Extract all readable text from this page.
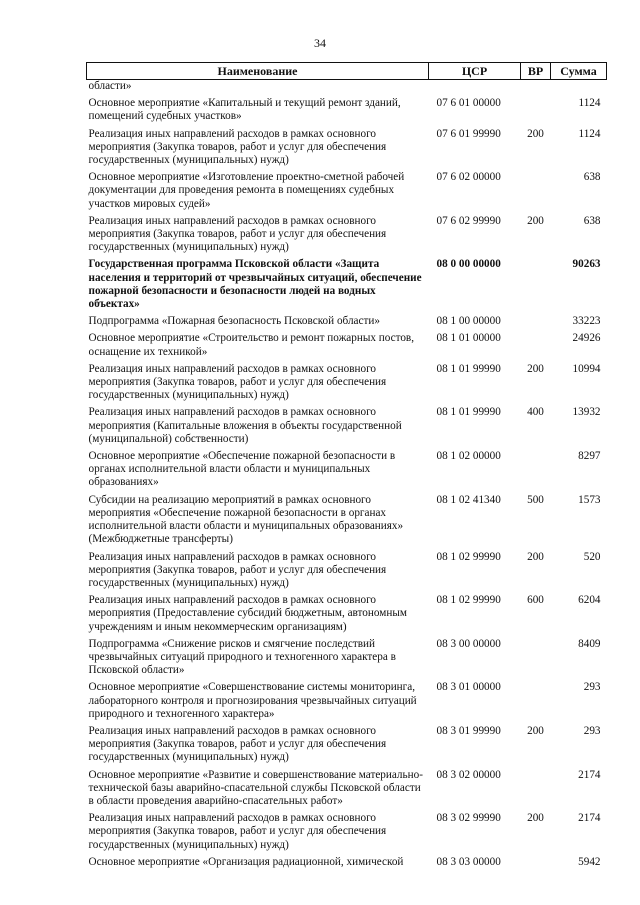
34
Наименование	ЦСР	ВР	Сумма
области»			
Основное мероприятие «Капитальный и текущий ремонт зданий, помещений судебных участков»	07 6 01 00000		1124
Реализация иных направлений расходов в рамках основного мероприятия (Закупка товаров, работ и услуг для обеспечения государственных (муниципальных) нужд)	07 6 01 99990	200	1124
Основное мероприятие «Изготовление проектно-сметной рабочей документации для проведения ремонта в помещениях судебных участков мировых судей»	07 6 02 00000		638
Реализация иных направлений расходов в рамках основного мероприятия (Закупка товаров, работ и услуг для обеспечения государственных (муниципальных) нужд)	07 6 02 99990	200	638
Государственная программа Псковской области «Защита населения и территорий от чрезвычайных ситуаций, обеспечение пожарной безопасности и безопасности людей на водных объектах»	08 0 00 00000		90263
Подпрограмма «Пожарная безопасность Псковской области»	08 1 00 00000		33223
Основное мероприятие «Строительство и ремонт пожарных постов, оснащение их техникой»	08 1 01 00000		24926
Реализация иных направлений расходов в рамках основного мероприятия (Закупка товаров, работ и услуг для обеспечения государственных (муниципальных) нужд)	08 1 01 99990	200	10994
Реализация иных направлений расходов в рамках основного мероприятия (Капитальные вложения в объекты государственной (муниципальной) собственности)	08 1 01 99990	400	13932
Основное мероприятие «Обеспечение пожарной безопасности в органах исполнительной власти области и муниципальных образованиях»	08 1 02 00000		8297
Субсидии на реализацию мероприятий в рамках основного мероприятия «Обеспечение пожарной безопасности в органах исполнительной власти области и муниципальных образованиях» (Межбюджетные трансферты)	08 1 02 41340	500	1573
Реализация иных направлений расходов в рамках основного мероприятия (Закупка товаров, работ и услуг для обеспечения государственных (муниципальных) нужд)	08 1 02 99990	200	520
Реализация иных направлений расходов в рамках основного мероприятия (Предоставление субсидий бюджетным, автономным учреждениям и иным некоммерческим организациям)	08 1 02 99990	600	6204
Подпрограмма «Снижение рисков и смягчение последствий чрезвычайных ситуаций природного и техногенного характера в Псковской области»	08 3 00 00000		8409
Основное мероприятие «Совершенствование системы мониторинга, лабораторного контроля и прогнозирования чрезвычайных ситуаций природного и техногенного характера»	08 3 01 00000		293
Реализация иных направлений расходов в рамках основного мероприятия (Закупка товаров, работ и услуг для обеспечения государственных (муниципальных) нужд)	08 3 01 99990	200	293
Основное мероприятие «Развитие и совершенствование материально-технической базы аварийно-спасательной службы Псковской области в области проведения аварийно-спасательных работ»	08 3 02 00000		2174
Реализация иных направлений расходов в рамках основного мероприятия (Закупка товаров, работ и услуг для обеспечения государственных (муниципальных) нужд)	08 3 02 99990	200	2174
Основное мероприятие «Организация радиационной, химической	08 3 03 00000		5942
